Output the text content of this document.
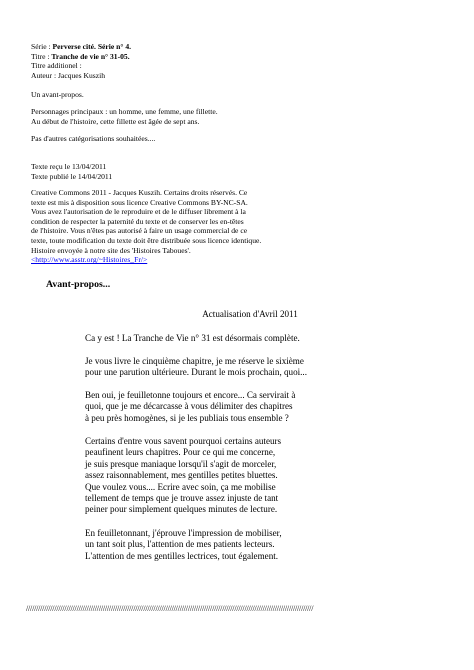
Série : Perverse cité. Série n° 4.
Titre : Tranche de vie n° 31-05.
Titre additionel :
Auteur : Jacques Kuszih
Un avant-propos.
Personnages principaux : un homme, une femme, une fillette.
Au début de l'histoire, cette fillette est âgée de sept ans.
Pas d'autres catégorisations souhaitées....
Texte reçu le 13/04/2011
Texte publié le 14/04/2011
Creative Commons 2011 - Jacques Kuszih. Certains droits réservés. Ce
texte est mis à disposition sous licence Creative Commons BY-NC-SA.
Vous avez l'autorisation de le reproduire et de le diffuser librement à la
condition de respecter la paternité du texte et de conserver les en-têtes
de l'histoire. Vous n'êtes pas autorisé à faire un usage commercial de ce
texte, toute modification du texte doit être distribuée sous licence identique.
Histoire envoyée à notre site des 'Histoires Taboues'.
<http://www.asstr.org/~Histoires_Fr/>
Avant-propos...
Actualisation d'Avril 2011
Ca y est ! La Tranche de Vie n° 31 est désormais complète.
Je vous livre le cinquième chapitre, je me réserve le sixième
pour une parution ultérieure. Durant le mois prochain, quoi...
Ben oui, je feuilletonne toujours et encore... Ca servirait à
quoi, que je me décarcasse à vous délimiter des chapitres
à peu près homogènes, si je les publiais tous ensemble ?
Certains d'entre vous savent pourquoi certains auteurs
peaufinent leurs chapitres. Pour ce qui me concerne,
je suis presque maniaque lorsqu'il s'agit de morceler,
assez raisonnablement, mes gentilles petites bluettes.
Que voulez vous.... Ecrire avec soin, ça me mobilise
tellement de temps que je trouve assez injuste de tant
peiner pour simplement quelques minutes de lecture.
En feuilletonnant, j'éprouve l'impression de mobiliser,
un tant soit plus, l'attention de mes patients lecteurs.
L'attention de mes gentilles lectrices, tout également.
//////////////////////////////////////////////////////////////////////////////////////////////////////////////////////////////////////////////
